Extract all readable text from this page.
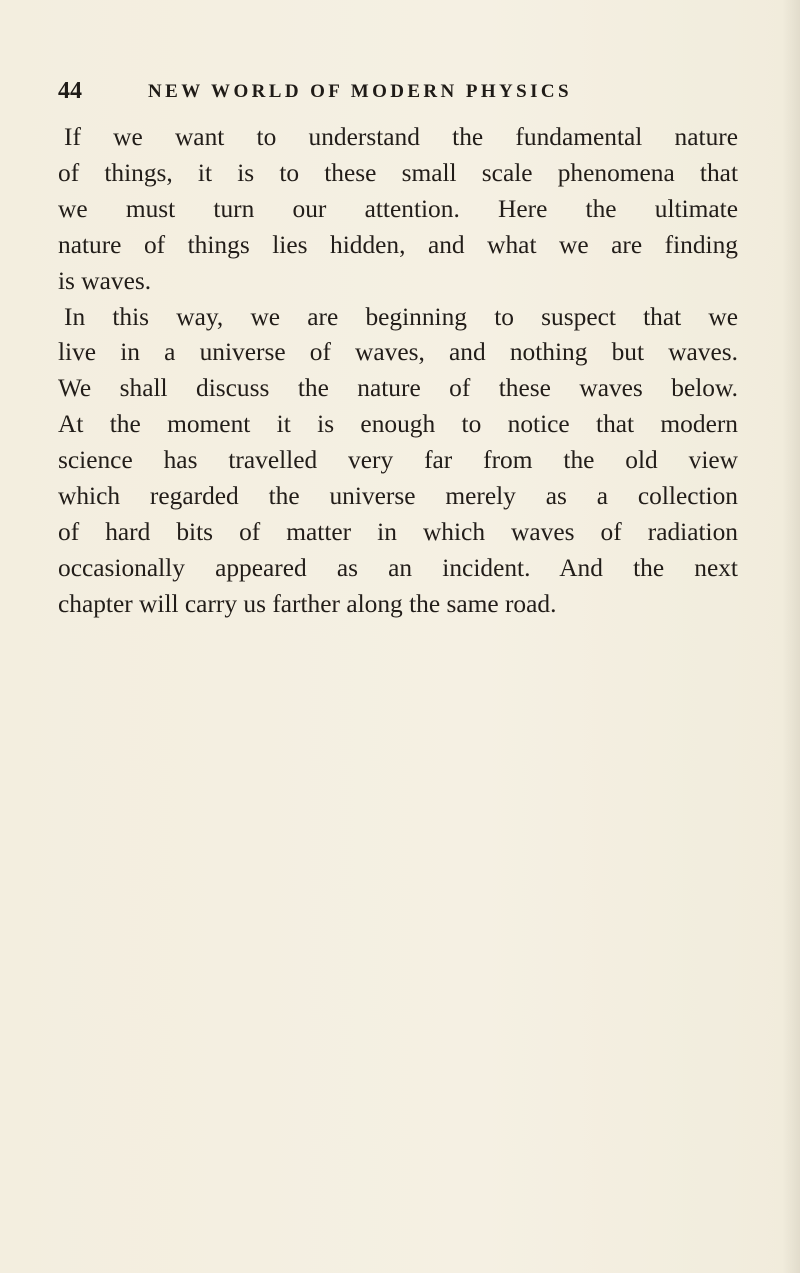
44	NEW WORLD OF MODERN PHYSICS
If we want to understand the fundamental nature
of things, it is to these small scale phenomena that
we must turn our attention. Here the ultimate
nature of things lies hidden, and what we are finding
is waves.
In this way, we are beginning to suspect that we
live in a universe of waves, and nothing but waves.
We shall discuss the nature of these waves below.
At the moment it is enough to notice that modern
science has travelled very far from the old view
which regarded the universe merely as a collection
of hard bits of matter in which waves of radiation
occasionally appeared as an incident. And the next
chapter will carry us farther along the same road.
